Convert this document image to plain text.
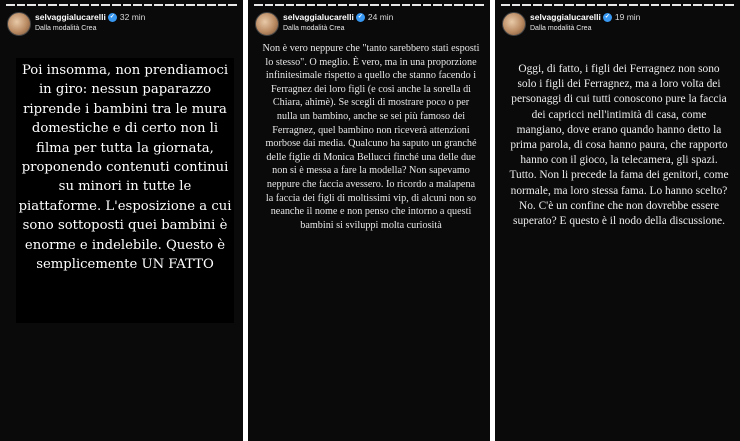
selvaggialucarelli ✓ 32 min
Dalla modalità Crea
Poi insomma, non prendiamoci in giro: nessun paparazzo riprende i bambini tra le mura domestiche e di certo non li filma per tutta la giornata, proponendo contenuti continui su minori in tutte le piattaforme. L'esposizione a cui sono sottoposti quei bambini è enorme e indelebile. Questo è semplicemente UN FATTO
selvaggialucarelli ✓ 24 min
Dalla modalità Crea
Non è vero neppure che "tanto sarebbero stati esposti lo stesso". O meglio. È vero, ma in una proporzione infinitesimale rispetto a quello che stanno facendo i Ferragnez dei loro figli (e così anche la sorella di Chiara, ahimè). Se scegli di mostrare poco o per nulla un bambino, anche se sei più famoso dei Ferragnez, quel bambino non riceverà attenzioni morbose dai media. Qualcuno ha saputo un granché delle figlie di Monica Bellucci finché una delle due non si è messa a fare la modella? Non sapevamo neppure che faccia avessero. Io ricordo a malapena la faccia dei figli di moltissimi vip, di alcuni non so neanche il nome e non penso che intorno a questi bambini si sviluppi molta curiosità
selvaggialucarelli ✓ 19 min
Dalla modalità Crea
Oggi, di fatto, i figli dei Ferragnez non sono solo i figli dei Ferragnez, ma a loro volta dei personaggi di cui tutti conoscono pure la faccia dei capricci nell'intimità di casa, come mangiano, dove erano quando hanno detto la prima parola, di cosa hanno paura, che rapporto hanno con il gioco, la telecamera, gli spazi. Tutto. Non li precede la fama dei genitori, come normale, ma loro stessa fama. Lo hanno scelto? No. C'è un confine che non dovrebbe essere superato? E questo è il nodo della discussione.
